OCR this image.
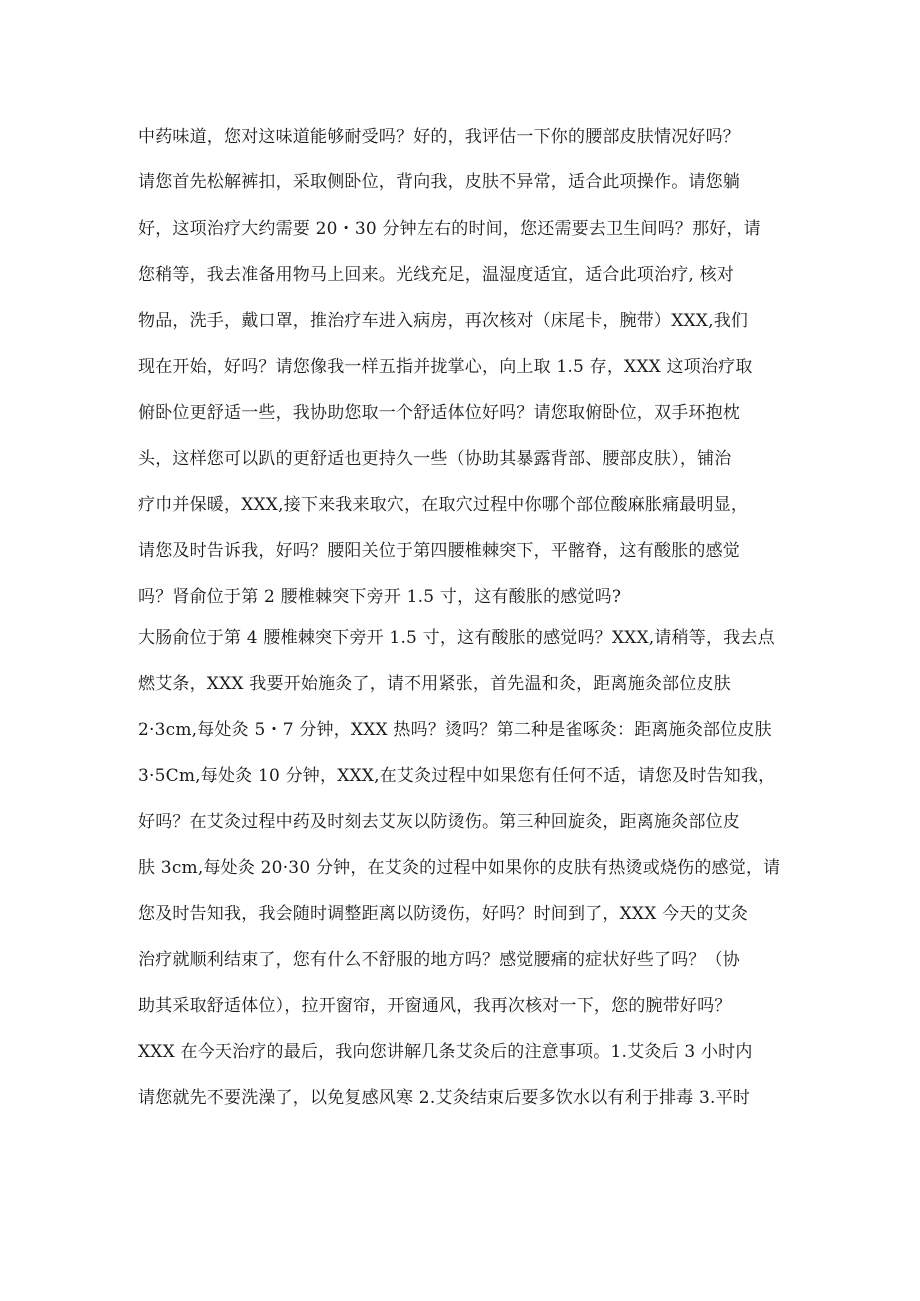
中药味道，您对这味道能够耐受吗？好的，我评估一下你的腰部皮肤情况好吗？
请您首先松解裤扣，采取侧卧位，背向我，皮肤不异常，适合此项操作。请您躺
好，这项治疗大约需要 20・30 分钟左右的时间，您还需要去卫生间吗？那好，请
您稍等，我去准备用物马上回来。光线充足，温湿度适宜，适合此项治疗, 核对
物品，洗手，戴口罩，推治疗车进入病房，再次核对（床尾卡，腕带）XXX,我们
现在开始，好吗？请您像我一样五指并拢掌心，向上取 1.5 存，XXX 这项治疗取
俯卧位更舒适一些，我协助您取一个舒适体位好吗？请您取俯卧位，双手环抱枕
头，这样您可以趴的更舒适也更持久一些（协助其暴露背部、腰部皮肤），铺治
疗巾并保暖，XXX,接下来我来取穴，在取穴过程中你哪个部位酸麻胀痛最明显，
请您及时告诉我，好吗？腰阳关位于第四腰椎棘突下，平髂脊，这有酸胀的感觉
吗？肾俞位于第 2 腰椎棘突下旁开 1.5 寸，这有酸胀的感觉吗?
大肠俞位于第 4 腰椎棘突下旁开 1.5 寸，这有酸胀的感觉吗？XXX,请稍等，我去点
燃艾条，XXX 我要开始施灸了，请不用紧张，首先温和灸，距离施灸部位皮肤
2·3cm,每处灸 5・7 分钟，XXX 热吗？烫吗？第二种是雀啄灸：距离施灸部位皮肤
3·5Cm,每处灸 10 分钟，XXX,在艾灸过程中如果您有任何不适，请您及时告知我，
好吗？在艾灸过程中药及时刻去艾灰以防烫伤。第三种回旋灸，距离施灸部位皮
肤 3cm,每处灸 20·30 分钟，在艾灸的过程中如果你的皮肤有热烫或烧伤的感觉，请
您及时告知我，我会随时调整距离以防烫伤，好吗？时间到了，XXX 今天的艾灸
治疗就顺利结束了，您有什么不舒服的地方吗？感觉腰痛的症状好些了吗？（协
助其采取舒适体位），拉开窗帘，开窗通风，我再次核对一下，您的腕带好吗？
XXX 在今天治疗的最后，我向您讲解几条艾灸后的注意事项。1.艾灸后 3 小时内
请您就先不要洗澡了，以免复感风寒 2.艾灸结束后要多饮水以有利于排毒 3.平时
